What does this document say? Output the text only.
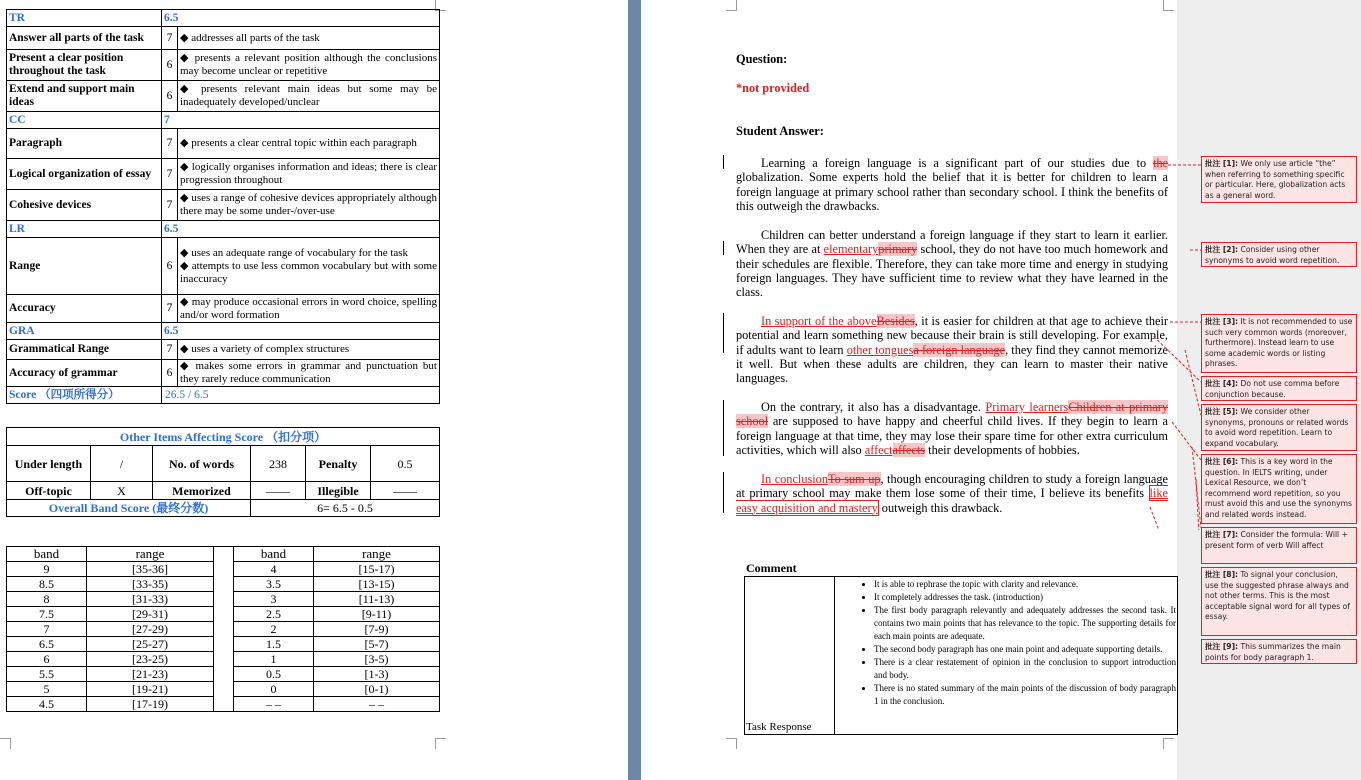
TR	6.5	
Answer all parts of the task	7	◆ addresses all parts of the task
Present a clear position throughout the task	6	◆ presents a relevant position although the conclusions may become unclear or repetitive
Extend and support main ideas	6	◆ presents relevant main ideas but some may be inadequately developed/unclear
CC	7	
Paragraph	7	◆ presents a clear central topic within each paragraph
Logical organization of essay	7	◆ logically organises information and ideas; there is clear progression throughout
Cohesive devices	7	◆ uses a range of cohesive devices appropriately although there may be some under-/over-use
LR	6.5	
Range	6	◆ uses an adequate range of vocabulary for the task
◆ attempts to use less common vocabulary but with some inaccuracy
Accuracy	7	◆ may produce occasional errors in word choice, spelling and/or word formation
GRA	6.5	
Grammatical Range	7	◆ uses a variety of complex structures
Accuracy of grammar	6	◆ makes some errors in grammar and punctuation but they rarely reduce communication
Score （四项所得分）	26.5 / 6.5	
Other Items Affecting Score （扣分项）					
Under length	/	No. of words	238	Penalty	0.5
Off-topic	X	Memorized	——	Illegible	——
Overall Band Score (最终分数)			6= 6.5 - 0.5		
band	range		band	range
9	[35-36]		4	[15-17)
8.5	[33-35)		3.5	[13-15)
8	[31-33)		3	[11-13)
7.5	[29-31)		2.5	[9-11)
7	[27-29)		2	[7-9)
6.5	[25-27)		1.5	[5-7)
6	[23-25)		1	[3-5)
5.5	[21-23)		0.5	[1-3)
5	[19-21)		0	[0-1)
4.5	[17-19)		– –	– –
Question:
*not provided
Student Answer:
Learning a foreign language is a significant part of our studies due to the globalization. Some experts hold the belief that it is better for children to learn a foreign language at primary school rather than secondary school. I think the benefits of this outweigh the drawbacks.
Children can better understand a foreign language if they start to learn it earlier. When they are at elementaryprimary school, they do not have too much homework and their schedules are flexible. Therefore, they can take more time and energy in studying foreign languages. They have sufficient time to review what they have learned in the class.
In support of the aboveBesides, it is easier for children at that age to achieve their potential and learn something new because their brain is still developing. For example, if adults want to learn other tonguesa foreign language, they find they cannot memorize it well. But when these adults are children, they can learn to master their native languages.
On the contrary, it also has a disadvantage. Primary learnersChildren at primary school are supposed to have happy and cheerful child lives. If they begin to learn a foreign language at that time, they may lose their spare time for other extra curriculum activities, which will also affectaffects their developments of hobbies.
In conclusionTo sum up, though encouraging children to study a foreign language at primary school may make them lose some of their time, I believe its benefits like easy acquisition and mastery outweigh this drawback.
Comment
Task Response	
• It is able to rephrase the topic with clarity and relevance.
• It completely addresses the task. (introduction)
• The first body paragraph relevantly and adequately addresses the second task. It contains two main points that has relevance to the topic. The supporting details for each main points are adequate.
• The second body paragraph has one main point and adequate supporting details.
• There is a clear restatement of opinion in the conclusion to support introduction and body.
• There is no stated summary of the main points of the discussion of body paragraph 1 in the conclusion.
批注 [1]: We only use article “the” when referring to something specific or particular. Here, globalization acts as a general word.
批注 [2]: Consider using other synonyms to avoid word repetition.
批注 [3]: It is not recommended to use such very common words (moreover, furthermore). Instead learn to use some academic words or listing phrases.
批注 [4]: Do not use comma before conjunction because.
批注 [5]: We consider other synonyms, pronouns or related words to avoid word repetition. Learn to expand vocabulary.
批注 [6]: This is a key word in the question. In IELTS writing, under Lexical Resource, we don’t recommend word repetition, so you must avoid this and use the synonyms and related words instead.
批注 [7]: Consider the formula: Will + present form of verb Will affect
批注 [8]: To signal your conclusion, use the suggested phrase always and not other terms. This is the most acceptable signal word for all types of essay.
批注 [9]: This summarizes the main points for body paragraph 1.
